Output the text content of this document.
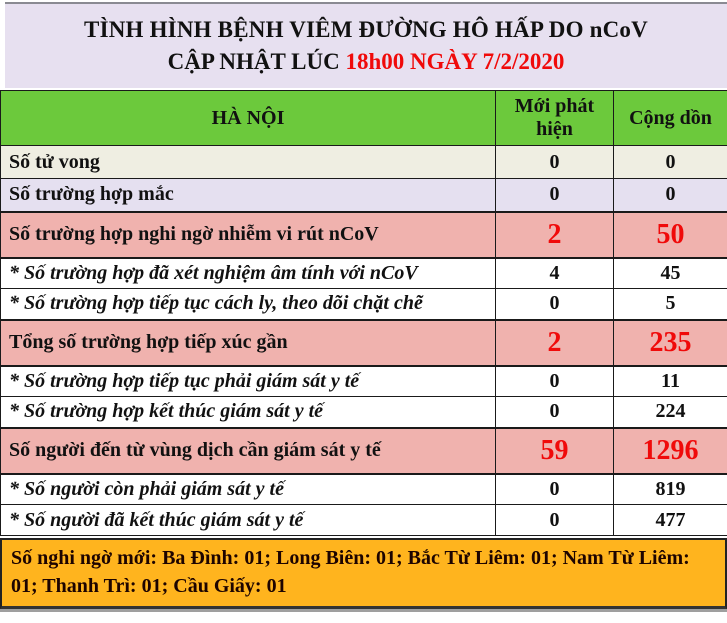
TÌNH HÌNH BỆNH VIÊM ĐƯỜNG HÔ HẤP DO nCoV
CẬP NHẬT LÚC 18h00 NGÀY 7/2/2020
HÀ NỘI	Mới phát hiện	Cộng dồn
Số tử vong	0	0
Số trường hợp mắc	0	0
Số trường hợp nghi ngờ nhiễm vi rút nCoV	2	50
* Số trường hợp đã xét nghiệm âm tính với nCoV	4	45
* Số trường hợp tiếp tục cách ly, theo dõi chặt chẽ	0	5
Tổng số trường hợp tiếp xúc gần	2	235
* Số trường hợp tiếp tục phải giám sát y tế	0	11
* Số trường hợp kết thúc giám sát y tế	0	224
Số người đến từ vùng dịch cần giám sát y tế	59	1296
* Số người còn phải giám sát y tế	0	819
* Số người đã kết thúc giám sát y tế	0	477
Số nghi ngờ mới: Ba Đình: 01; Long Biên: 01; Bắc Từ Liêm: 01; Nam Từ Liêm: 01; Thanh Trì: 01; Cầu Giấy: 01
